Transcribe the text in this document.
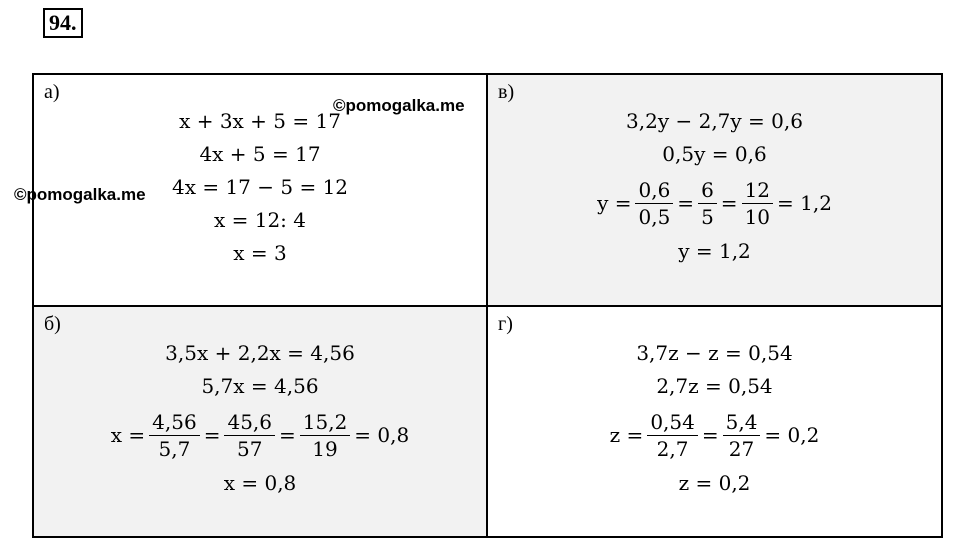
94.
а)
x + 3x + 5 = 17
4x + 5 = 17
4x = 17 − 5 = 12
x = 12: 4
x = 3
в)
3,2y − 2,7y = 0,6
0,5y = 0,6
$y = \frac{0,6}{0,5} = \frac{6}{5} = \frac{12}{10} = 1,2$
y = 1,2
б)
3,5x + 2,2x = 4,56
5,7x = 4,56
$x = \frac{4,56}{5,7} = \frac{45,6}{57} = \frac{15,2}{19} = 0,8$
x = 0,8
г)
3,7z − z = 0,54
2,7z = 0,54
$z = \frac{0,54}{2,7} = \frac{5,4}{27} = 0,2$
z = 0,2
©pomogalka.me
©pomogalka.me
